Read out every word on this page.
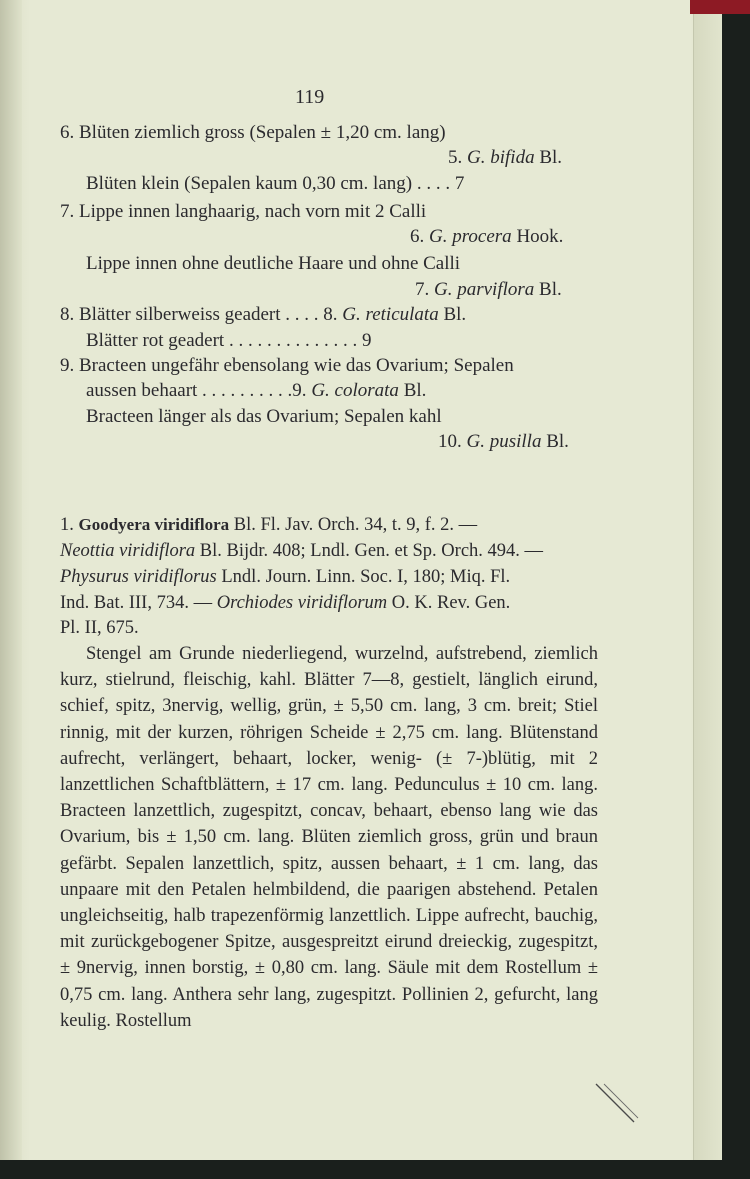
119
6. Blüten ziemlich gross (Sepalen ± 1,20 cm. lang)
5. G. bifida Bl.
Blüten klein (Sepalen kaum 0,30 cm. lang) . . . . 7
7. Lippe innen langhaarig, nach vorn mit 2 Calli
6. G. procera Hook.
Lippe innen ohne deutliche Haare und ohne Calli
7. G. parviflora Bl.
8. Blätter silberweiss geadert . . . . 8. G. reticulata Bl.
Blätter rot geadert . . . . . . . . . . . . . . 9
9. Bracteen ungefähr ebensolang wie das Ovarium; Sepalen
aussen behaart . . . . . . . . . .9. G. colorata Bl.
Bracteen länger als das Ovarium; Sepalen kahl
10. G. pusilla Bl.
1. Goodyera viridiflora Bl. Fl. Jav. Orch. 34, t. 9, f. 2. —
Neottia viridiflora Bl. Bijdr. 408; Lndl. Gen. et Sp. Orch. 494. —
Physurus viridiflorus Lndl. Journ. Linn. Soc. I, 180; Miq. Fl.
Ind. Bat. III, 734. — Orchiodes viridiflorum O. K. Rev. Gen.
Pl. II, 675.
Stengel am Grunde niederliegend, wurzelnd, aufstrebend, ziemlich kurz, stielrund, fleischig, kahl. Blätter 7—8, gestielt, länglich eirund, schief, spitz, 3nervig, wellig, grün, ± 5,50 cm. lang, 3 cm. breit; Stiel rinnig, mit der kurzen, röhrigen Scheide ± 2,75 cm. lang. Blütenstand aufrecht, verlängert, behaart, locker, wenig- (± 7-)blütig, mit 2 lanzettlichen Schaftblättern, ± 17 cm. lang. Pedunculus ± 10 cm. lang. Bracteen lanzettlich, zugespitzt, concav, behaart, ebenso lang wie das Ovarium, bis ± 1,50 cm. lang. Blüten ziemlich gross, grün und braun gefärbt. Sepalen lanzettlich, spitz, aussen behaart, ± 1 cm. lang, das unpaare mit den Petalen helmbildend, die paarigen abstehend. Petalen ungleichseitig, halb trapezenförmig lanzettlich. Lippe aufrecht, bauchig, mit zurückgebogener Spitze, ausgespreitzt eirund dreieckig, zugespitzt, ± 9nervig, innen borstig, ± 0,80 cm. lang. Säule mit dem Rostellum ± 0,75 cm. lang. Anthera sehr lang, zugespitzt. Pollinien 2, gefurcht, lang keulig. Rostellum
